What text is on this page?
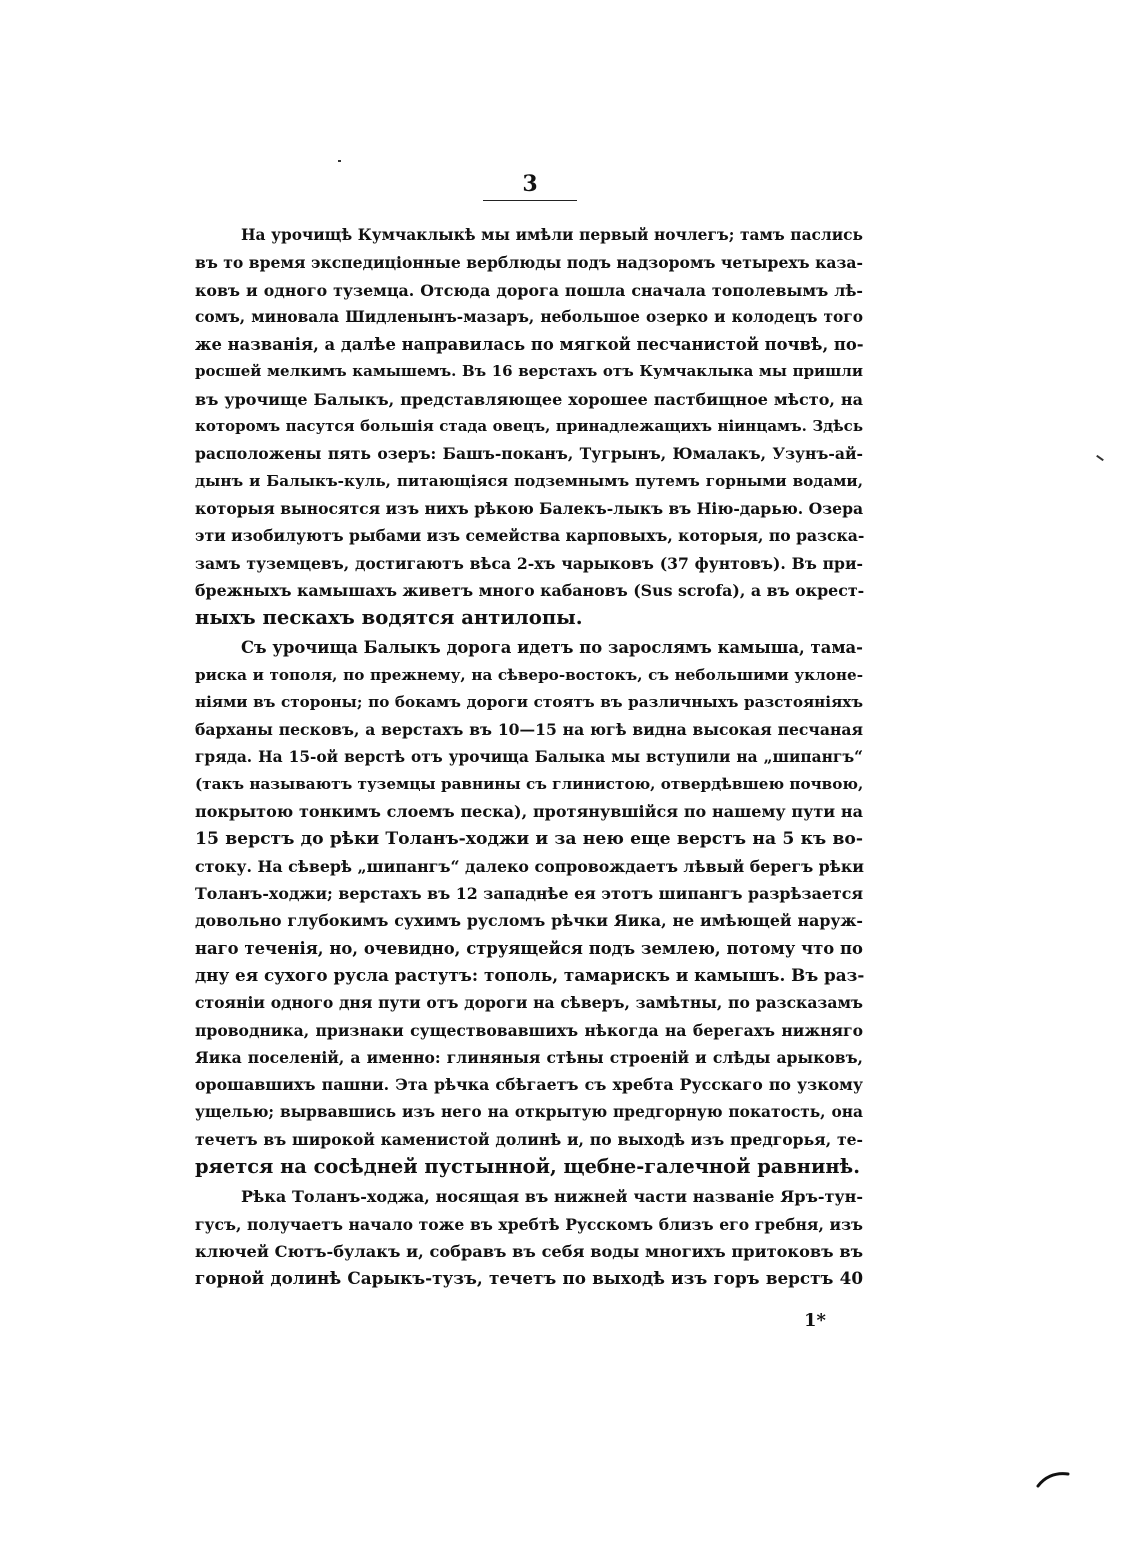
3
На урочищѣ Кумчаклыкѣ мы имѣли первый ночлегъ; тамъ паслись
въ то время экспедиціонные верблюды подъ надзоромъ четырехъ каза-
ковъ и одного туземца. Отсюда дорога пошла сначала тополевымъ лѣ-
сомъ, миновала Шидленынъ-мазаръ, небольшое озерко и колодецъ того
же названія, а далѣе направилась по мягкой песчанистой почвѣ, по-
росшей мелкимъ камышемъ. Въ 16 верстахъ отъ Кумчаклыка мы пришли
въ урочище Балыкъ, представляющее хорошее пастбищное мѣсто, на
которомъ пасутся большія стада овецъ, принадлежащихъ ніинцамъ. Здѣсь
расположены пять озеръ: Башъ-поканъ, Тугрынъ, Юмалакъ, Узунъ-ай-
дынъ и Балыкъ-куль, питающіяся подземнымъ путемъ горными водами,
которыя выносятся изъ нихъ рѣкою Балекъ-лыкъ въ Нію-дарью. Озера
эти изобилуютъ рыбами изъ семейства карповыхъ, которыя, по разска-
замъ туземцевъ, достигаютъ вѣса 2-хъ чарыковъ (37 фунтовъ). Въ при-
брежныхъ камышахъ живетъ много кабановъ (Sus scrofa), а въ окрест-
ныхъ пескахъ водятся антилопы.
Съ урочища Балыкъ дорога идетъ по зарослямъ камыша, тама-
риска и тополя, по прежнему, на сѣверо-востокъ, съ небольшими уклоне-
ніями въ стороны; по бокамъ дороги стоятъ въ различныхъ разстояніяхъ
барханы песковъ, а верстахъ въ 10—15 на югѣ видна высокая песчаная
гряда. На 15-ой верстѣ отъ урочища Балыка мы вступили на „шипангъ“
(такъ называютъ туземцы равнины съ глинистою, отвердѣвшею почвою,
покрытою тонкимъ слоемъ песка), протянувшійся по нашему пути на
15 верстъ до рѣки Толанъ-ходжи и за нею еще верстъ на 5 къ во-
стоку. На сѣверѣ „шипангъ“ далеко сопровождаетъ лѣвый берегъ рѣки
Толанъ-ходжи; верстахъ въ 12 западнѣе ея этотъ шипангъ разрѣзается
довольно глубокимъ сухимъ русломъ рѣчки Яика, не имѣющей наруж-
наго теченія, но, очевидно, струящейся подъ землею, потому что по
дну ея сухого русла растутъ: тополь, тамарискъ и камышъ. Въ раз-
стояніи одного дня пути отъ дороги на сѣверъ, замѣтны, по разсказамъ
проводника, признаки существовавшихъ нѣкогда на берегахъ нижняго
Яика поселеній, а именно: глиняныя стѣны строеній и слѣды арыковъ,
орошавшихъ пашни. Эта рѣчка сбѣгаетъ съ хребта Русскаго по узкому
ущелью; вырвавшись изъ него на открытую предгорную покатость, она
течетъ въ широкой каменистой долинѣ и, по выходѣ изъ предгорья, те-
ряется на сосѣдней пустынной, щебне-галечной равнинѣ.
Рѣка Толанъ-ходжа, носящая въ нижней части названіе Яръ-тун-
гусъ, получаетъ начало тоже въ хребтѣ Русскомъ близъ его гребня, изъ
ключей Сютъ-булакъ и, собравъ въ себя воды многихъ притоковъ въ
горной долинѣ Сарыкъ-тузъ, течетъ по выходѣ изъ горъ верстъ 40
1*
